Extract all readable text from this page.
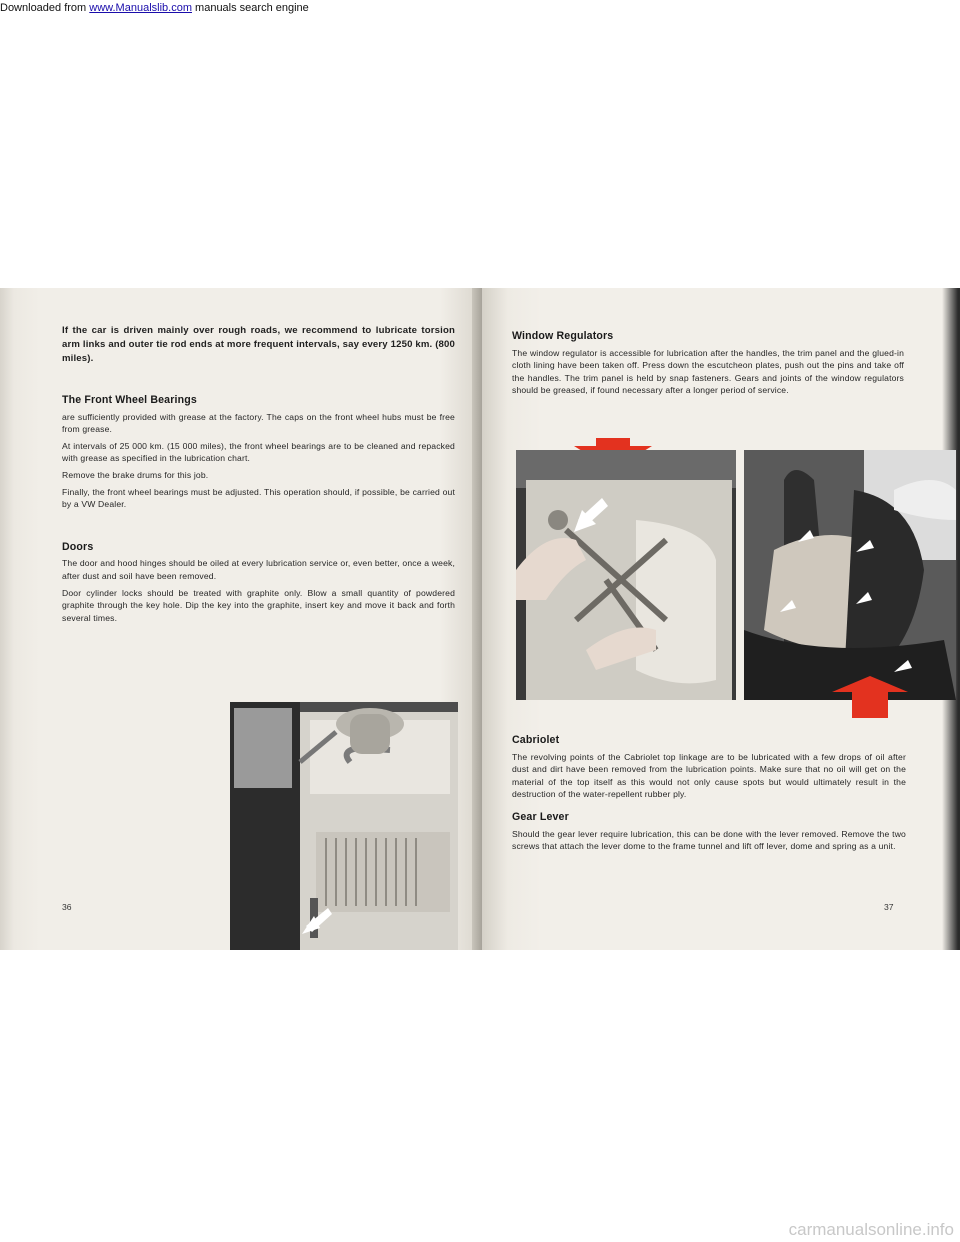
Downloaded from www.Manualslib.com manuals search engine

If the car is driven mainly over rough roads, we recommend to lubricate torsion arm links and outer tie rod ends at more frequent intervals, say every 1250 km. (800 miles).

The Front Wheel Bearings

are sufficiently provided with grease at the factory. The caps on the front wheel hubs must be free from grease.

At intervals of 25 000 km. (15 000 miles), the front wheel bearings are to be cleaned and repacked with grease as specified in the lubrication chart.

Remove the brake drums for this job.

Finally, the front wheel bearings must be adjusted. This operation should, if possible, be carried out by a VW Dealer.

Doors

The door and hood hinges should be oiled at every lubrication service or, even better, once a week, after dust and soil have been removed.

Door cylinder locks should be treated with graphite only. Blow a small quantity of powdered graphite through the key hole. Dip the key into the graphite, insert key and move it back and forth several times.

36
Window Regulators

The window regulator is accessible for lubrication after the handles, the trim panel and the glued-in cloth lining have been taken off. Press down the escutcheon plates, push out the pins and take off the handles. The trim panel is held by snap fasteners. Gears and joints of the window regulators should be greased, if found necessary after a longer period of service.

Cabriolet

The revolving points of the Cabriolet top linkage are to be lubricated with a few drops of oil after dust and dirt have been removed from the lubrication points. Make sure that no oil will get on the material of the top itself as this would not only cause spots but would ultimately result in the destruction of the water-repellent rubber ply.

Gear Lever

Should the gear lever require lubrication, this can be done with the lever removed. Remove the two screws that attach the lever dome to the frame tunnel and lift off lever, dome and spring as a unit.

37
carmanualsonline.info
